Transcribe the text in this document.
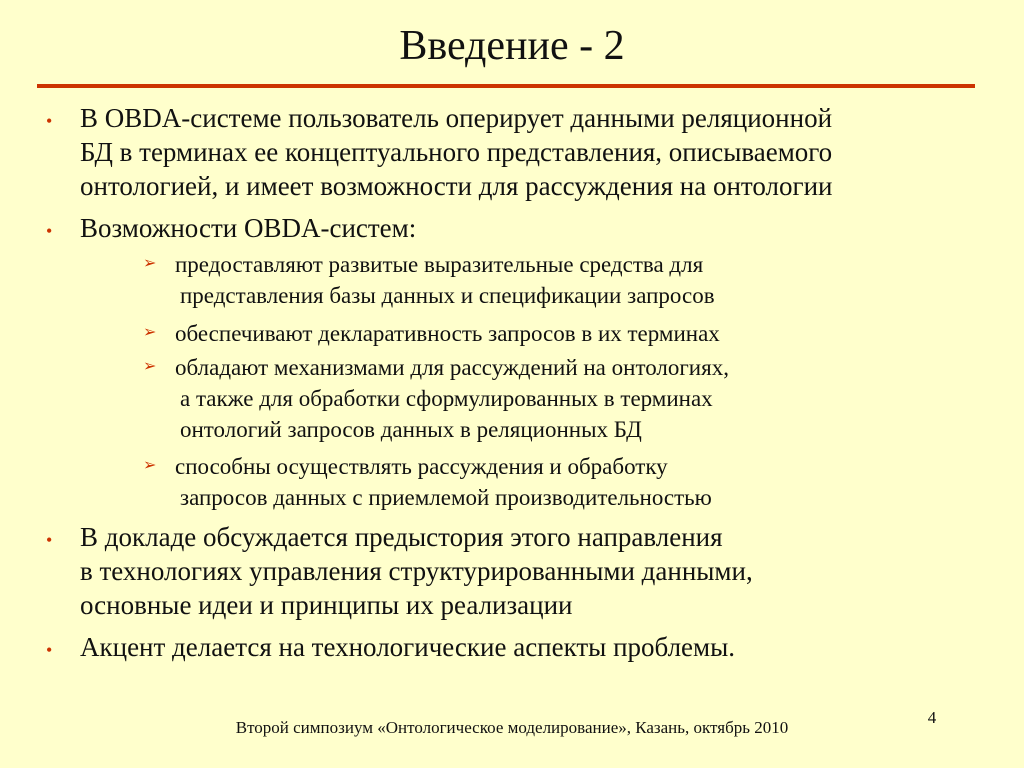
Введение - 2
•	В OBDA-системе пользователь оперирует данными реляционной
БД в терминах ее концептуального представления, описываемого
онтологией, и имеет возможности для рассуждения на онтологии
•	Возможности OBDA-систем:
➢ предоставляют развитые выразительные средства для
представления базы данных и спецификации запросов
➢ обеспечивают декларативность запросов в их терминах
➢ обладают механизмами для рассуждений на онтологиях,
а также для обработки сформулированных в терминах
онтологий запросов данных в реляционных БД
➢ способны осуществлять рассуждения и обработку
запросов данных с приемлемой производительностью
•	В докладе обсуждается предыстория этого направления
в технологиях управления структурированными данными,
основные идеи и принципы их реализации
•	Акцент делается на технологические аспекты проблемы.
Второй симпозиум «Онтологическое моделирование», Казань, октябрь 2010
4
